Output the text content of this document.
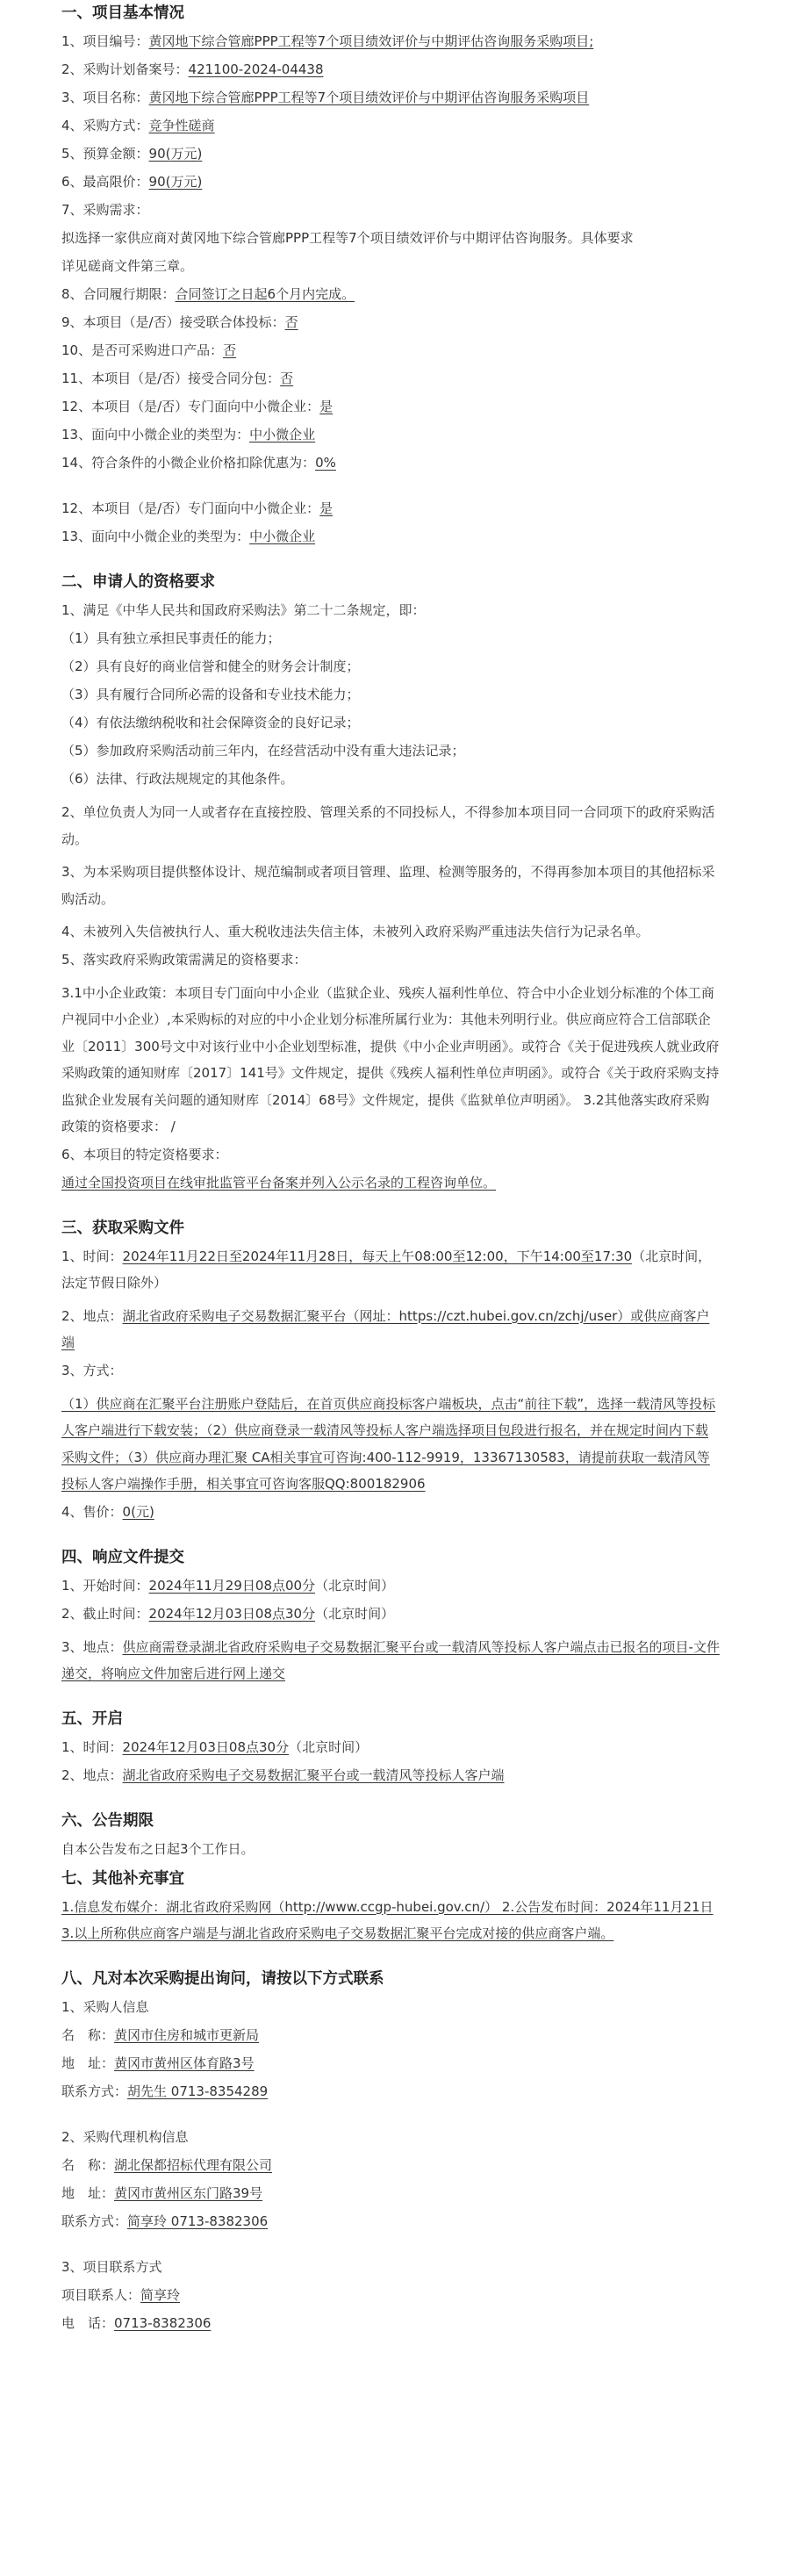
一、项目基本情况
1、项目编号：黄冈地下综合管廊PPP工程等7个项目绩效评价与中期评估咨询服务采购项目;
2、采购计划备案号：421100-2024-04438
3、项目名称：黄冈地下综合管廊PPP工程等7个项目绩效评价与中期评估咨询服务采购项目
4、采购方式：竞争性磋商
5、预算金额：90(万元)
6、最高限价：90(万元)
7、采购需求：
拟选择一家供应商对黄冈地下综合管廊PPP工程等7个项目绩效评价与中期评估咨询服务。具体要求
详见磋商文件第三章。
8、合同履行期限：合同签订之日起6个月内完成。
9、本项目（是/否）接受联合体投标：否
10、是否可采购进口产品：否
11、本项目（是/否）接受合同分包：否
12、本项目（是/否）专门面向中小微企业：是
13、面向中小微企业的类型为：中小微企业
14、符合条件的小微企业价格扣除优惠为：0%
12、本项目（是/否）专门面向中小微企业：是
13、面向中小微企业的类型为：中小微企业
二、申请人的资格要求
1、满足《中华人民共和国政府采购法》第二十二条规定，即：
（1）具有独立承担民事责任的能力；
（2）具有良好的商业信誉和健全的财务会计制度；
（3）具有履行合同所必需的设备和专业技术能力；
（4）有依法缴纳税收和社会保障资金的良好记录；
（5）参加政府采购活动前三年内，在经营活动中没有重大违法记录；
（6）法律、行政法规规定的其他条件。
2、单位负责人为同一人或者存在直接控股、管理关系的不同投标人，不得参加本项目同一合同项下的政府采购活动。
3、为本采购项目提供整体设计、规范编制或者项目管理、监理、检测等服务的，不得再参加本项目的其他招标采购活动。
4、未被列入失信被执行人、重大税收违法失信主体，未被列入政府采购严重违法失信行为记录名单。
5、落实政府采购政策需满足的资格要求：
3.1中小企业政策：本项目专门面向中小企业（监狱企业、残疾人福利性单位、符合中小企业划分标准的个体工商户视同中小企业）,本采购标的对应的中小企业划分标准所属行业为：其他未列明行业。供应商应符合工信部联企业〔2011〕300号文中对该行业中小企业划型标准，提供《中小企业声明函》。或符合《关于促进残疾人就业政府采购政策的通知财库〔2017〕141号》文件规定，提供《残疾人福利性单位声明函》。或符合《关于政府采购支持监狱企业发展有关问题的通知财库〔2014〕68号》文件规定，提供《监狱单位声明函》。 3.2其他落实政府采购政策的资格要求： /
6、本项目的特定资格要求：
通过全国投资项目在线审批监管平台备案并列入公示名录的工程咨询单位。
三、获取采购文件
1、时间：2024年11月22日至2024年11月28日，每天上午08:00至12:00，下午14:00至17:30（北京时间，法定节假日除外）
2、地点：湖北省政府采购电子交易数据汇聚平台（网址：https://czt.hubei.gov.cn/zchj/user）或供应商客户端
3、方式：
（1）供应商在汇聚平台注册账户登陆后，在首页供应商投标客户端板块，点击“前往下载”，选择一载清风等投标人客户端进行下载安装；（2）供应商登录一载清风等投标人客户端选择项目包段进行报名，并在规定时间内下载采购文件；（3）供应商办理汇聚 CA相关事宜可咨询:400-112-9919，13367130583，请提前获取一载清风等投标人客户端操作手册，相关事宜可咨询客服QQ:800182906
4、售价：0(元)
四、响应文件提交
1、开始时间：2024年11月29日08点00分（北京时间）
2、截止时间：2024年12月03日08点30分（北京时间）
3、地点：供应商需登录湖北省政府采购电子交易数据汇聚平台或一载清风等投标人客户端点击已报名的项目-文件递交，将响应文件加密后进行网上递交
五、开启
1、时间：2024年12月03日08点30分（北京时间）
2、地点：湖北省政府采购电子交易数据汇聚平台或一载清风等投标人客户端
六、公告期限
自本公告发布之日起3个工作日。
七、其他补充事宜
1.信息发布媒介：湖北省政府采购网（http://www.ccgp-hubei.gov.cn/） 2.公告发布时间：2024年11月21日 3.以上所称供应商客户端是与湖北省政府采购电子交易数据汇聚平台完成对接的供应商客户端。
八、凡对本次采购提出询问，请按以下方式联系
1、采购人信息
名　称：黄冈市住房和城市更新局
地　址：黄冈市黄州区体育路3号
联系方式：胡先生 0713-8354289
2、采购代理机构信息
名　称：湖北保都招标代理有限公司
地　址：黄冈市黄州区东门路39号
联系方式：简享玲 0713-8382306
3、项目联系方式
项目联系人：简享玲
电　话：0713-8382306
